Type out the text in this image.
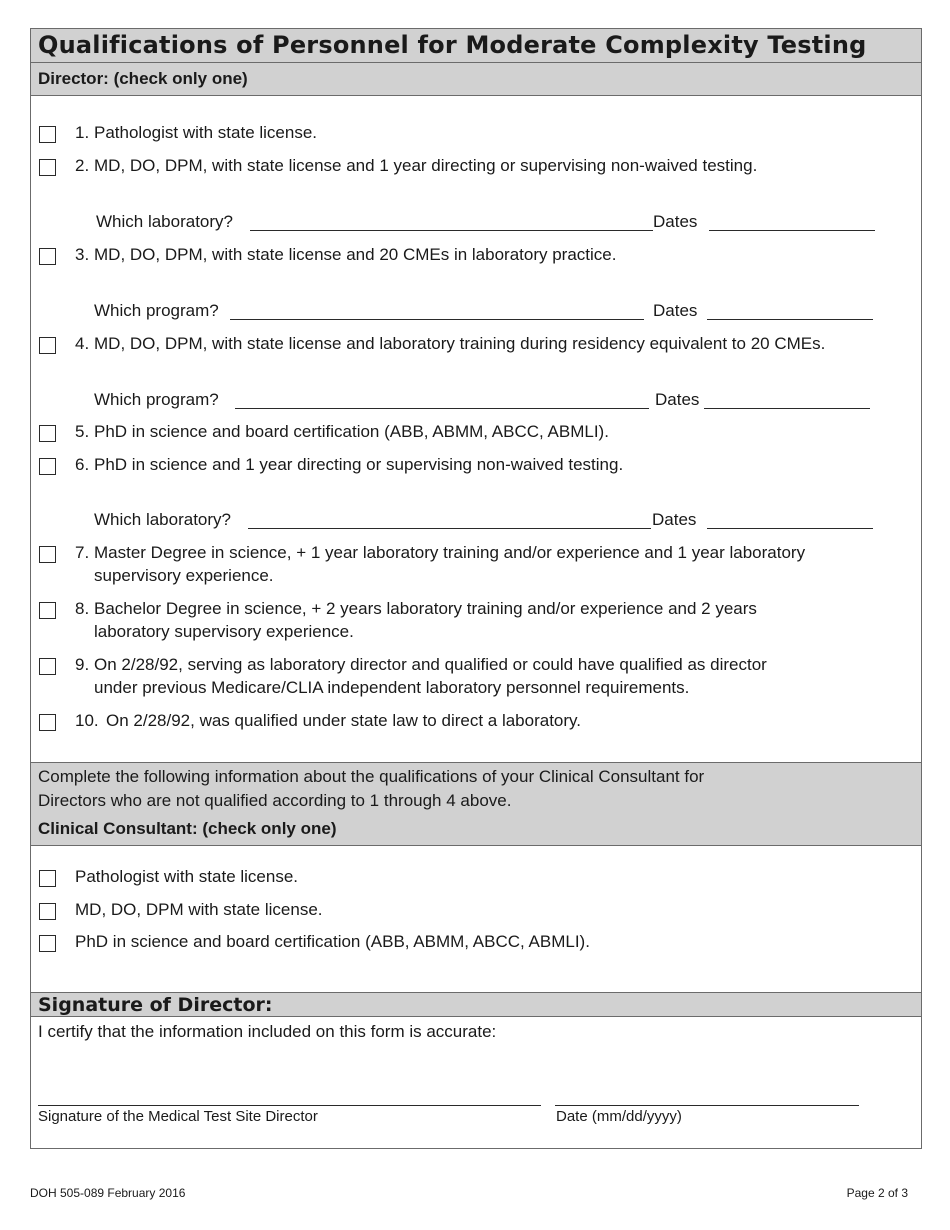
Qualifications of Personnel for Moderate Complexity Testing
Director: (check only one)
1. Pathologist with state license.
2. MD, DO, DPM, with state license and 1 year directing or supervising non-waived testing.
Which laboratory?	Dates
3. MD, DO, DPM, with state license and 20 CMEs in laboratory practice.
Which program?	Dates
4. MD, DO, DPM, with state license and laboratory training during residency equivalent to 20 CMEs.
Which program?	Dates
5. PhD in science and board certification (ABB, ABMM, ABCC, ABMLI).
6. PhD in science and 1 year directing or supervising non-waived testing.
Which laboratory?	Dates
7. Master Degree in science, + 1 year laboratory training and/or experience and 1 year laboratory
supervisory experience.
8. Bachelor Degree in science, + 2 years laboratory training and/or experience and 2 years
laboratory supervisory experience.
9. On 2/28/92, serving as laboratory director and qualified or could have qualified as director
under previous Medicare/CLIA independent laboratory personnel requirements.
10. On 2/28/92, was qualified under state law to direct a laboratory.
Complete the following information about the qualifications of your Clinical Consultant for
Directors who are not qualified according to 1 through 4 above.
Clinical Consultant: (check only one)
Pathologist with state license.
MD, DO, DPM with state license.
PhD in science and board certification (ABB, ABMM, ABCC, ABMLI).
Signature of Director:
I certify that the information included on this form is accurate:
Signature of the Medical Test Site Director	Date (mm/dd/yyyy)
DOH 505-089 February 2016	Page 2 of 3
